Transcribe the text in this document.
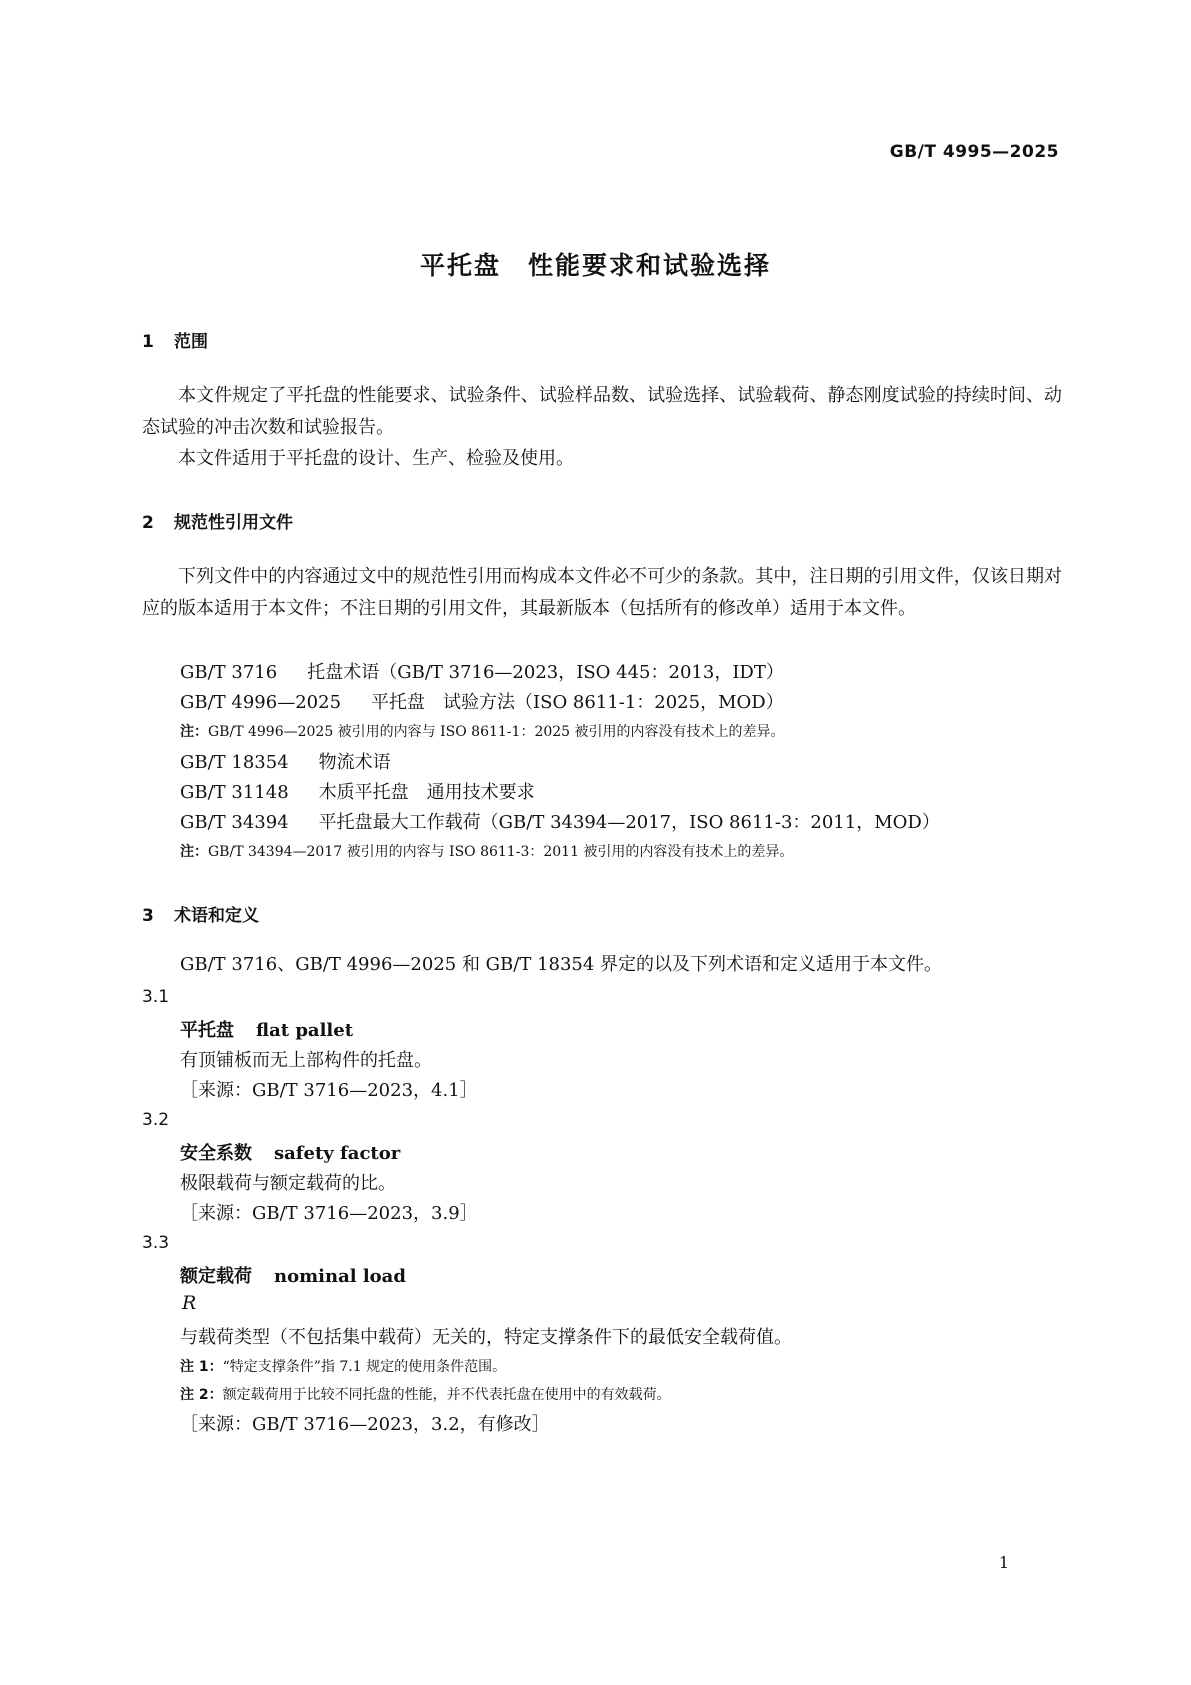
GB/T 4995—2025
平托盘　性能要求和试验选择
1 范围
本文件规定了平托盘的性能要求、试验条件、试验样品数、试验选择、试验载荷、静态刚度试验的持续时间、动态试验的冲击次数和试验报告。
本文件适用于平托盘的设计、生产、检验及使用。
2 规范性引用文件
下列文件中的内容通过文中的规范性引用而构成本文件必不可少的条款。其中，注日期的引用文件，仅该日期对应的版本适用于本文件；不注日期的引用文件，其最新版本（包括所有的修改单）适用于本文件。
GB/T 3716 托盘术语（GB/T 3716—2023，ISO 445：2013，IDT）
GB/T 4996—2025 平托盘　试验方法（ISO 8611-1：2025，MOD）
注：GB/T 4996—2025 被引用的内容与 ISO 8611-1：2025 被引用的内容没有技术上的差异。
GB/T 18354 物流术语
GB/T 31148 木质平托盘　通用技术要求
GB/T 34394 平托盘最大工作载荷（GB/T 34394—2017，ISO 8611-3：2011，MOD）
注：GB/T 34394—2017 被引用的内容与 ISO 8611-3：2011 被引用的内容没有技术上的差异。
3 术语和定义
GB/T 3716、GB/T 4996—2025 和 GB/T 18354 界定的以及下列术语和定义适用于本文件。
3.1
平托盘 flat pallet
有顶铺板而无上部构件的托盘。
［来源：GB/T 3716—2023，4.1］
3.2
安全系数 safety factor
极限载荷与额定载荷的比。
［来源：GB/T 3716—2023，3.9］
3.3
额定载荷 nominal load
R
与载荷类型（不包括集中载荷）无关的，特定支撑条件下的最低安全载荷值。
注 1：“特定支撑条件”指 7.1 规定的使用条件范围。
注 2：额定载荷用于比较不同托盘的性能，并不代表托盘在使用中的有效载荷。
［来源：GB/T 3716—2023，3.2，有修改］
1
